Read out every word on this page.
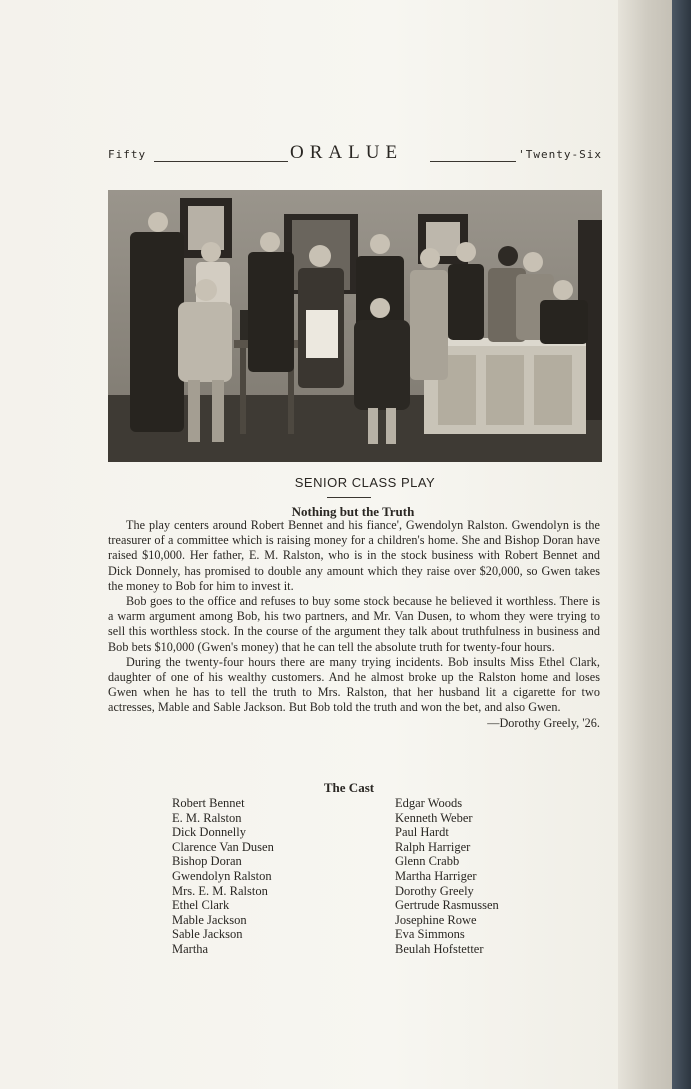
Fifty	ORALUE	'Twenty-Six
SENIOR CLASS PLAY
Nothing but the Truth

The play centers around Robert Bennet and his fiance', Gwendolyn Ralston. Gwendolyn is the treasurer of a committee which is raising money for a children's home. She and Bishop Doran have raised $10,000. Her father, E. M. Ralston, who is in the stock business with Robert Bennet and Dick Donnely, has promised to double any amount which they raise over $20,000, so Gwen takes the money to Bob for him to invest it.

Bob goes to the office and refuses to buy some stock because he believed it worthless. There is a warm argument among Bob, his two partners, and Mr. Van Dusen, to whom they were trying to sell this worthless stock. In the course of the argument they talk about truthfulness in business and Bob bets $10,000 (Gwen's money) that he can tell the absolute truth for twenty-four hours.

During the twenty-four hours there are many trying incidents. Bob insults Miss Ethel Clark, daughter of one of his wealthy customers. And he almost broke up the Ralston home and loses Gwen when he has to tell the truth to Mrs. Ralston, that her husband lit a cigarette for two actresses, Mable and Sable Jackson. But Bob told the truth and won the bet, and also Gwen.

—Dorothy Greely, '26.
The Cast
Robert Bennet	Edgar Woods
E. M. Ralston	Kenneth Weber
Dick Donnelly	Paul Hardt
Clarence Van Dusen	Ralph Harriger
Bishop Doran	Glenn Crabb
Gwendolyn Ralston	Martha Harriger
Mrs. E. M. Ralston	Dorothy Greely
Ethel Clark	Gertrude Rasmussen
Mable Jackson	Josephine Rowe
Sable Jackson	Eva Simmons
Martha	Beulah Hofstetter
